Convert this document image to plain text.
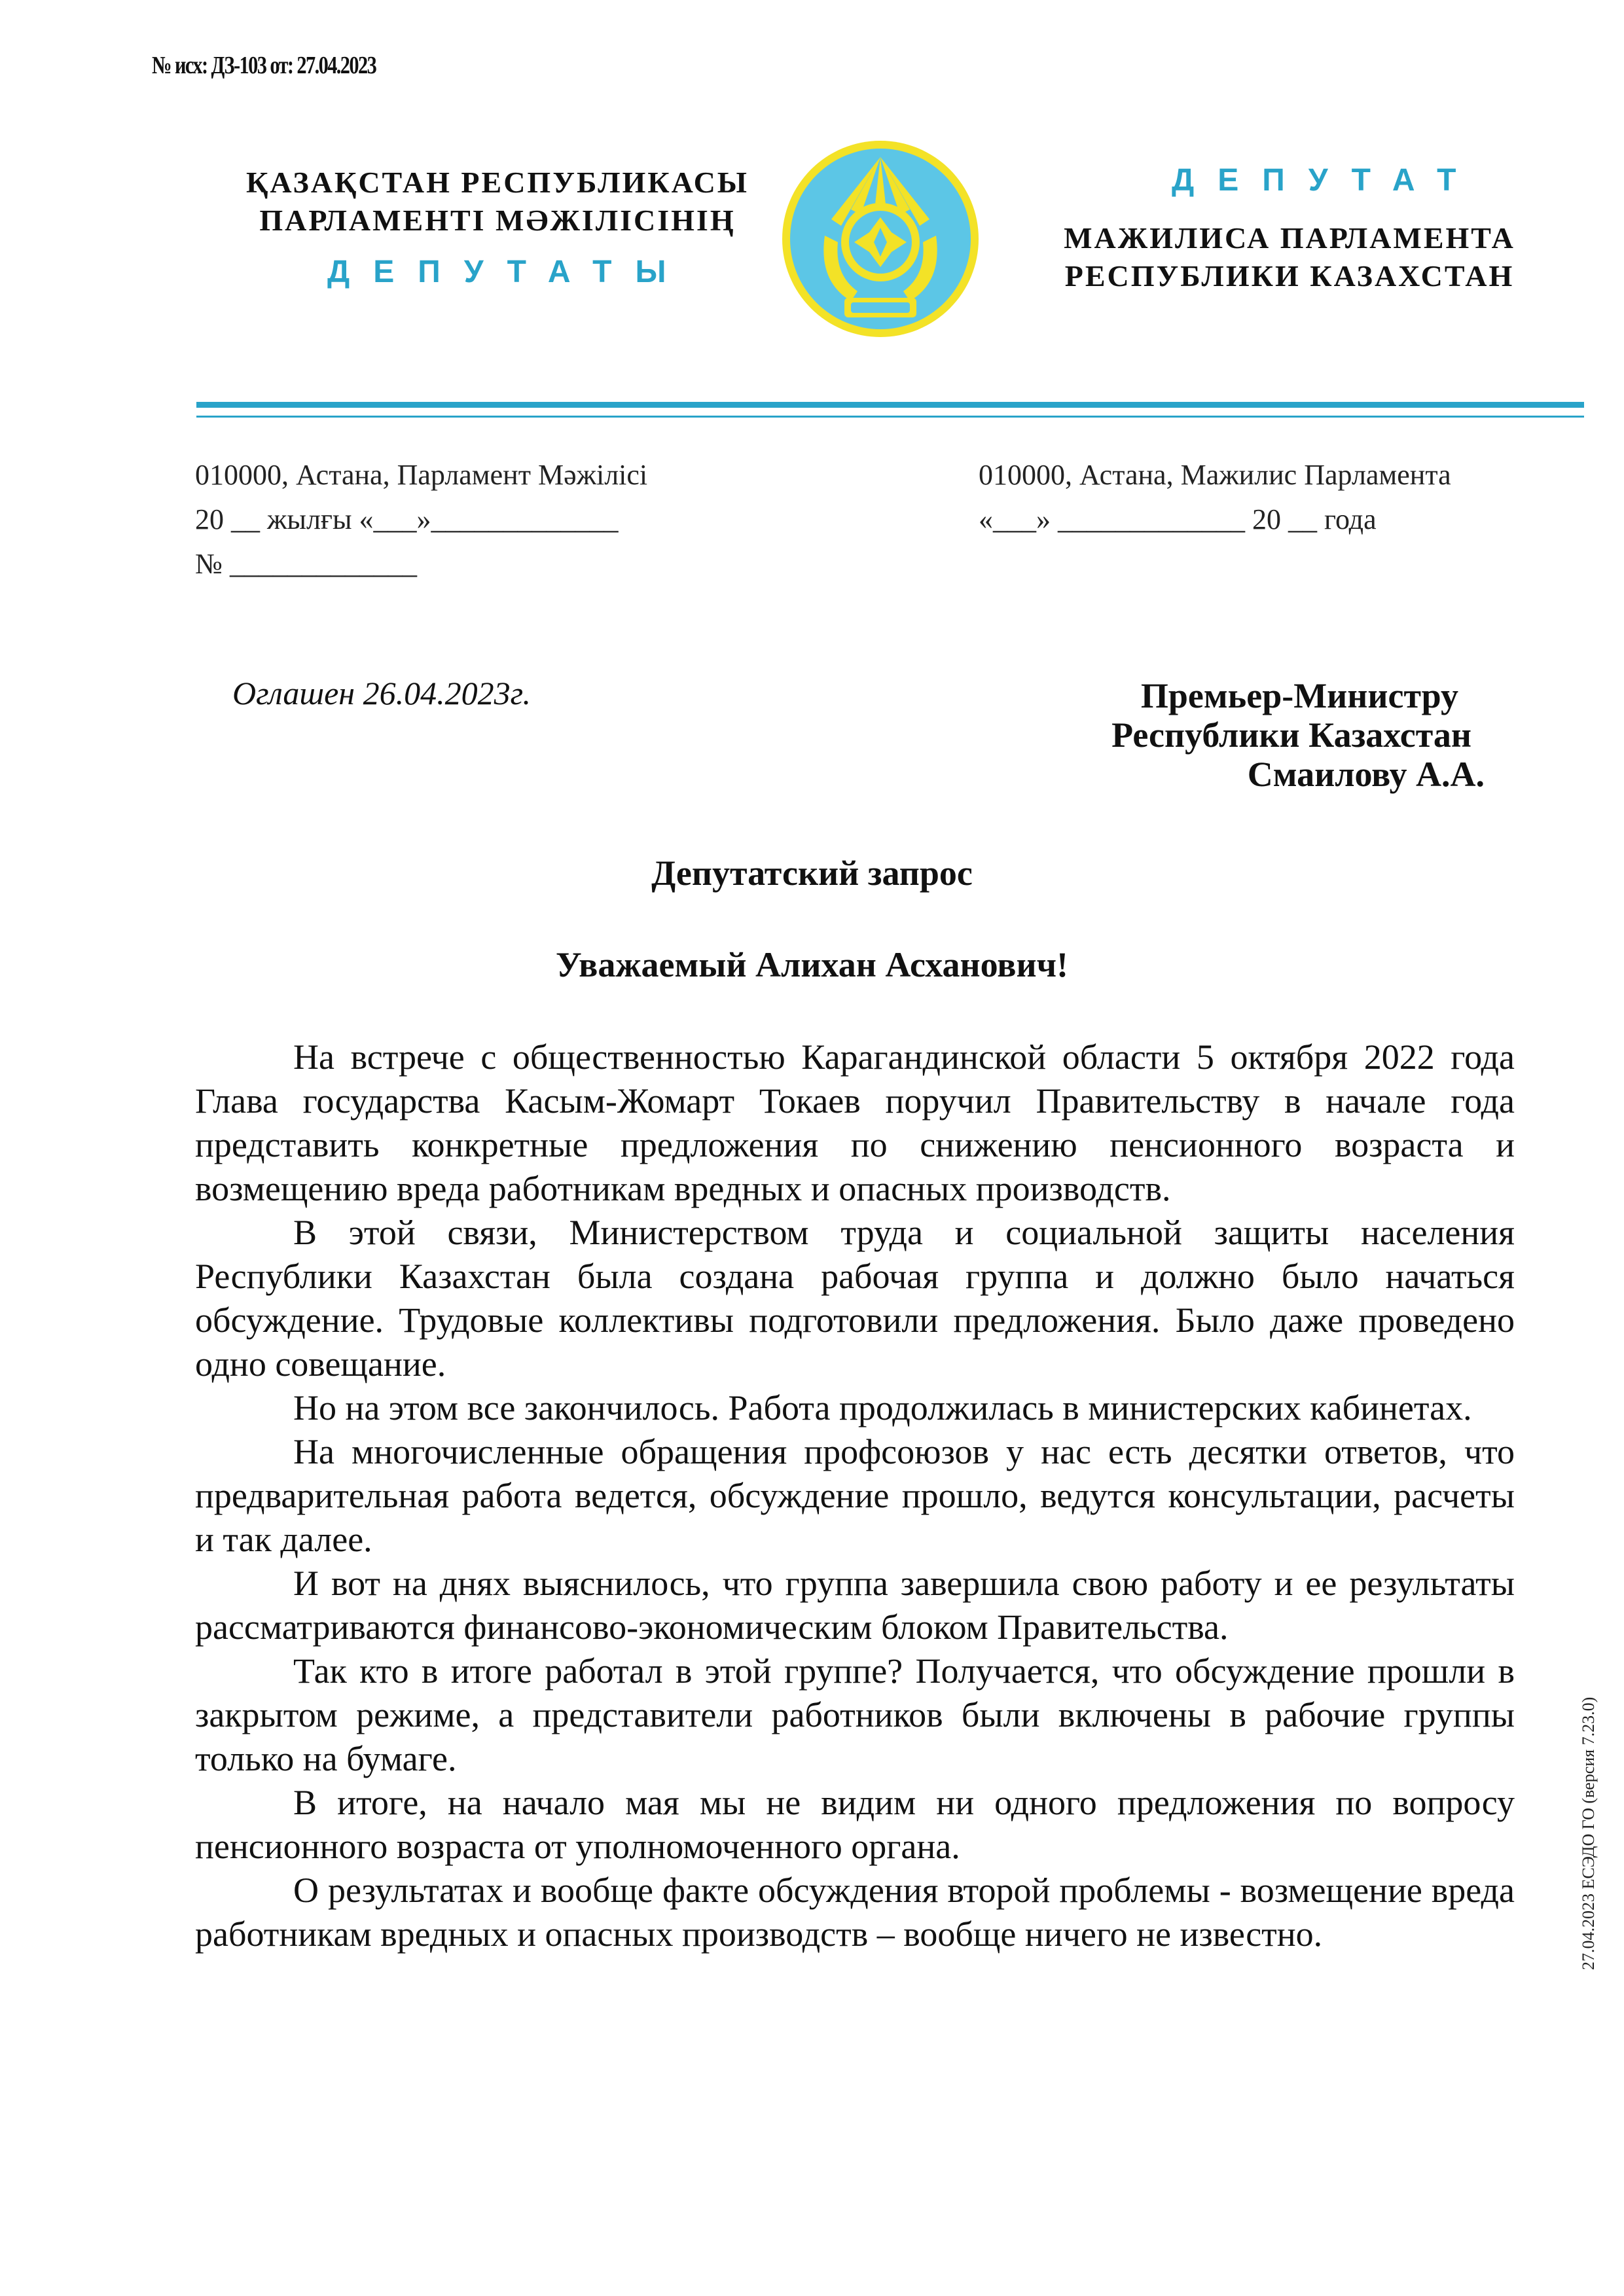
№ исх: ДЗ-103 от: 27.04.2023
ҚАЗАҚСТАН РЕСПУБЛИКАСЫ
ПАРЛАМЕНТІ МӘЖІЛІСІНІҢ
ДЕПУТАТЫ
ДЕПУТАТ
МАЖИЛИСА ПАРЛАМЕНТА
РЕСПУБЛИКИ КАЗАХСТАН
010000, Астана, Парламент Мәжілісі
20 __ жылғы «___»_____________
№ _____________
010000, Астана, Мажилис Парламента
«___» _____________ 20 __ года
Оглашен 26.04.2023г.	Премьер-Министру
Республики Казахстан
Смаилову А.А.
Депутатский запрос
Уважаемый Алихан Асханович!

На встрече с общественностью Карагандинской области 5 октября 2022 года Глава государства Касым-Жомарт Токаев поручил Правительству в начале года представить конкретные предложения по снижению пенсионного возраста и возмещению вреда работникам вредных и опасных производств.

В этой связи, Министерством труда и социальной защиты населения Республики Казахстан была создана рабочая группа и должно было начаться обсуждение. Трудовые коллективы подготовили предложения. Было даже проведено одно совещание.

Но на этом все закончилось. Работа продолжилась в министерских кабинетах.

На многочисленные обращения профсоюзов у нас есть десятки ответов, что предварительная работа ведется, обсуждение прошло, ведутся консультации, расчеты и так далее.

И вот на днях выяснилось, что группа завершила свою работу и ее результаты рассматриваются финансово-экономическим блоком Правительства.

Так кто в итоге работал в этой группе? Получается, что обсуждение прошли в закрытом режиме, а представители работников были включены в рабочие группы только на бумаге.

В итоге, на начало мая мы не видим ни одного предложения по вопросу пенсионного возраста от уполномоченного органа.

О результатах и вообще факте обсуждения второй проблемы - возмещение вреда работникам вредных и опасных производств – вообще ничего не известно.	27.04.2023 ЕСЭДО ГО (версия 7.23.0)
